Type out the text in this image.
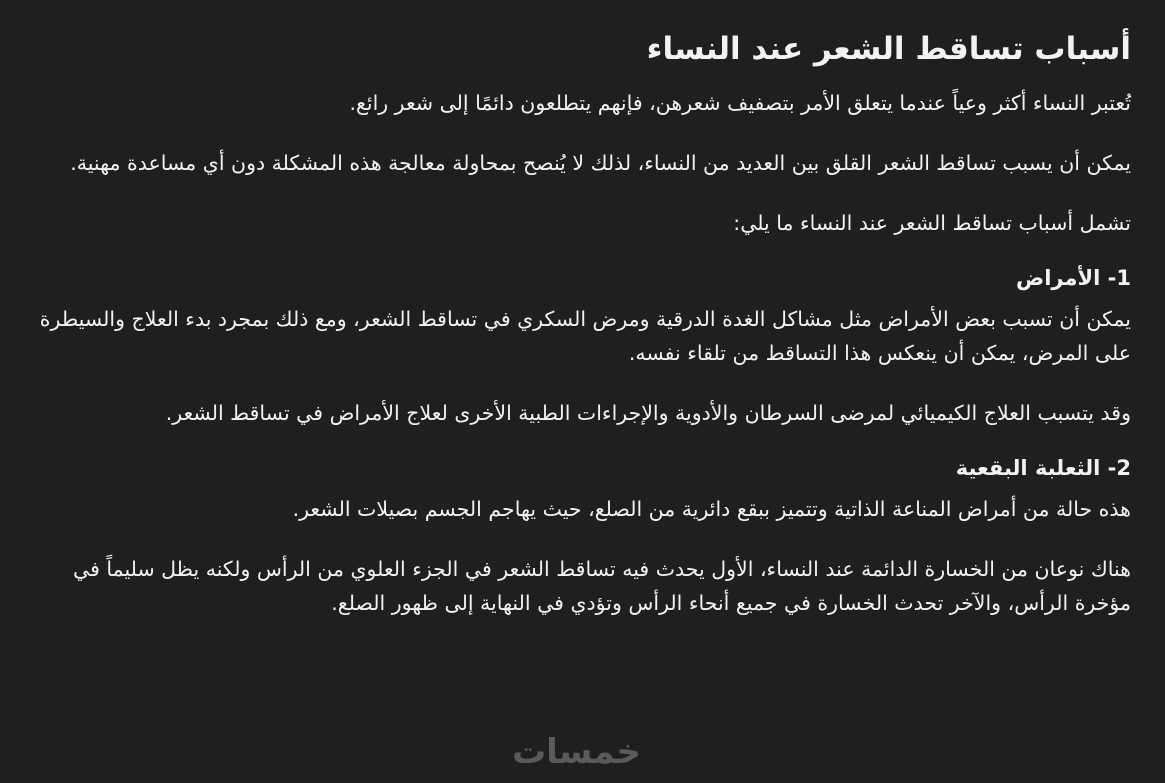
أسباب تساقط الشعر عند النساء

تُعتبر النساء أكثر وعياً عندما يتعلق الأمر بتصفيف شعرهن، فإنهم يتطلعون دائمًا إلى شعر رائع.

يمكن أن يسبب تساقط الشعر القلق بين العديد من النساء، لذلك لا يُنصح بمحاولة معالجة هذه المشكلة دون أي مساعدة مهنية.

تشمل أسباب تساقط الشعر عند النساء ما يلي:

1- الأمراض

يمكن أن تسبب بعض الأمراض مثل مشاكل الغدة الدرقية ومرض السكري في تساقط الشعر، ومع ذلك بمجرد بدء العلاج والسيطرة على المرض، يمكن أن ينعكس هذا التساقط من تلقاء نفسه.

وقد يتسبب العلاج الكيميائي لمرضى السرطان والأدوية والإجراءات الطبية الأخرى لعلاج الأمراض في تساقط الشعر.

2- الثعلبة البقعية

هذه حالة من أمراض المناعة الذاتية وتتميز ببقع دائرية من الصلع، حيث يهاجم الجسم بصيلات الشعر.

هناك نوعان من الخسارة الدائمة عند النساء، الأول يحدث فيه تساقط الشعر في الجزء العلوي من الرأس ولكنه يظل سليماً في مؤخرة الرأس، والآخر تحدث الخسارة في جميع أنحاء الرأس وتؤدي في النهاية إلى ظهور الصلع.

خمسات
